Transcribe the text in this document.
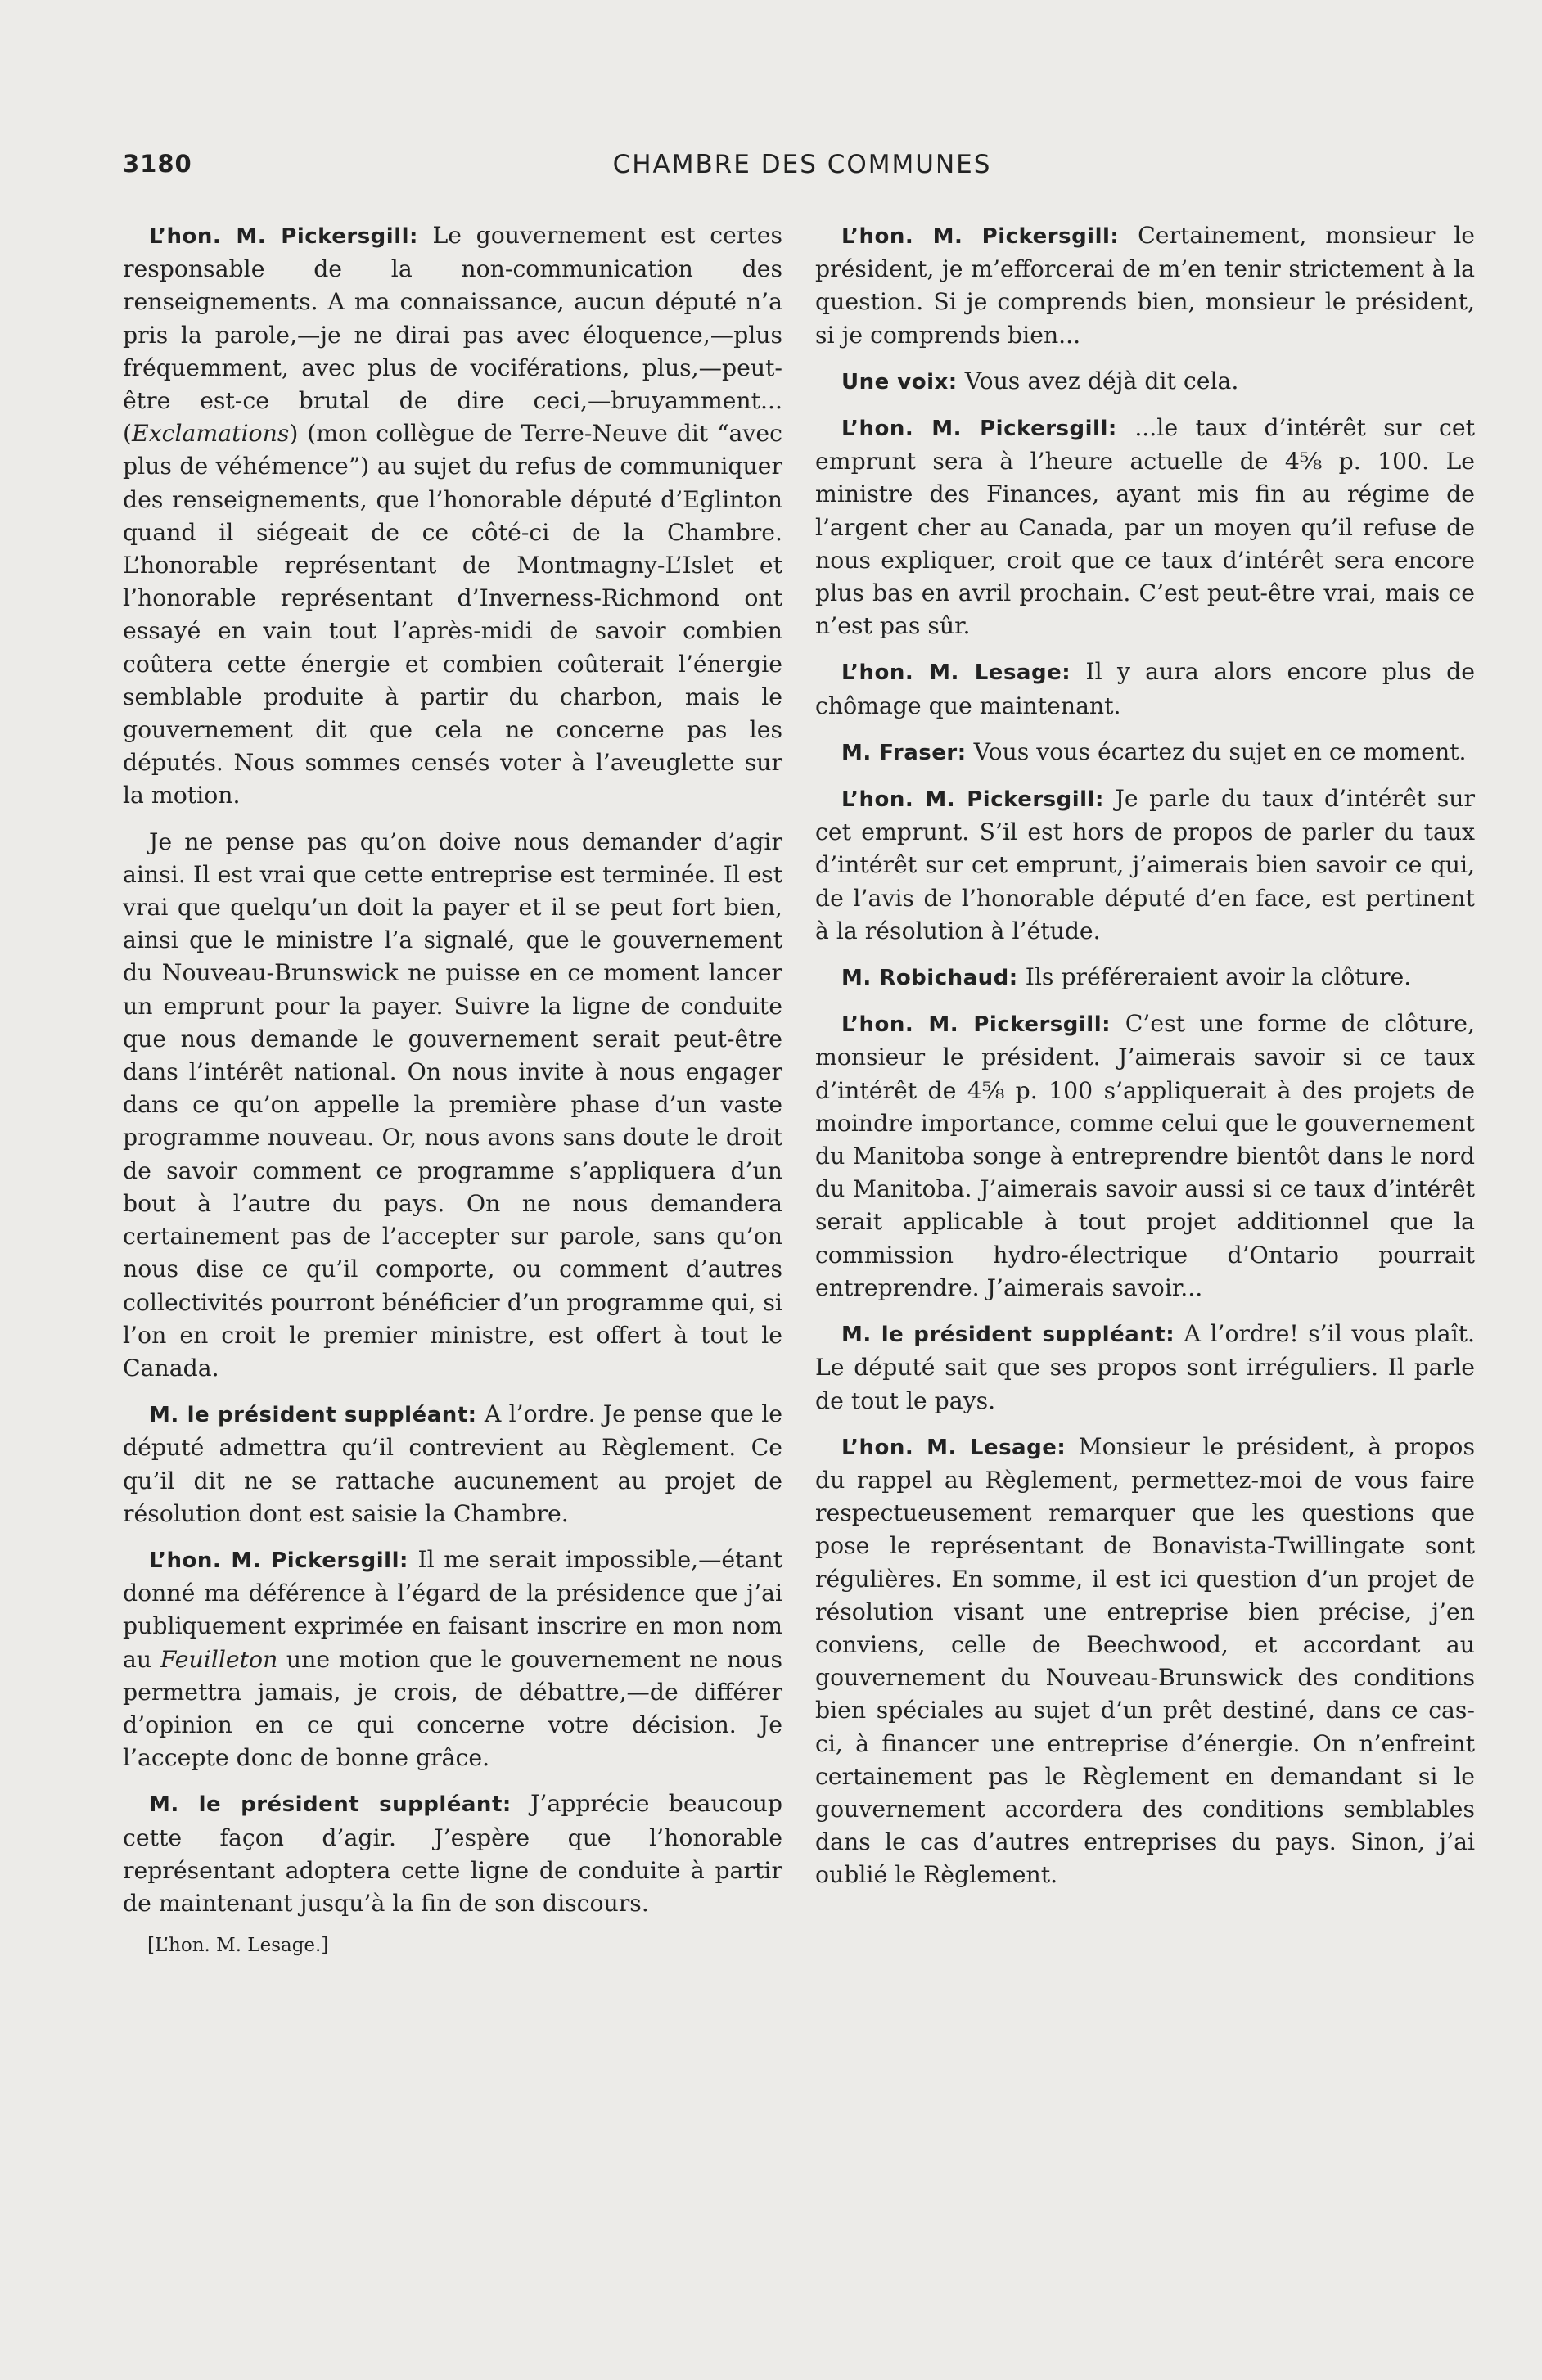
3180	CHAMBRE DES COMMUNES

L’hon. M. Pickersgill: Le gouvernement est certes responsable de la non-communication des renseignements. A ma connaissance, aucun député n’a pris la parole,—je ne dirai pas avec éloquence,—plus fréquemment, avec plus de vociférations, plus,—peut-être est-ce brutal de dire ceci,—bruyamment... (Exclamations) (mon collègue de Terre-Neuve dit “avec plus de véhémence”) au sujet du refus de communiquer des renseignements, que l’honorable député d’Eglinton quand il siégeait de ce côté-ci de la Chambre. L’honorable représentant de Montmagny-L’Islet et l’honorable représentant d’Inverness-Richmond ont essayé en vain tout l’après-midi de savoir combien coûtera cette énergie et combien coûterait l’énergie semblable produite à partir du charbon, mais le gouvernement dit que cela ne concerne pas les députés. Nous sommes censés voter à l’aveuglette sur la motion.

Je ne pense pas qu’on doive nous demander d’agir ainsi. Il est vrai que cette entreprise est terminée. Il est vrai que quelqu’un doit la payer et il se peut fort bien, ainsi que le ministre l’a signalé, que le gouvernement du Nouveau-Brunswick ne puisse en ce moment lancer un emprunt pour la payer. Suivre la ligne de conduite que nous demande le gouvernement serait peut-être dans l’intérêt national. On nous invite à nous engager dans ce qu’on appelle la première phase d’un vaste programme nouveau. Or, nous avons sans doute le droit de savoir comment ce programme s’appliquera d’un bout à l’autre du pays. On ne nous demandera certainement pas de l’accepter sur parole, sans qu’on nous dise ce qu’il comporte, ou comment d’autres collectivités pourront bénéficier d’un programme qui, si l’on en croit le premier ministre, est offert à tout le Canada.

M. le président suppléant: A l’ordre. Je pense que le député admettra qu’il contrevient au Règlement. Ce qu’il dit ne se rattache aucunement au projet de résolution dont est saisie la Chambre.

L’hon. M. Pickersgill: Il me serait impossible,—étant donné ma déférence à l’égard de la présidence que j’ai publiquement exprimée en faisant inscrire en mon nom au Feuilleton une motion que le gouvernement ne nous permettra jamais, je crois, de débattre,—de différer d’opinion en ce qui concerne votre décision. Je l’accepte donc de bonne grâce.

M. le président suppléant: J’apprécie beaucoup cette façon d’agir. J’espère que l’honorable représentant adoptera cette ligne de conduite à partir de maintenant jusqu’à la fin de son discours.

[L’hon. M. Lesage.]

L’hon. M. Pickersgill: Certainement, monsieur le président, je m’efforcerai de m’en tenir strictement à la question. Si je comprends bien, monsieur le président, si je comprends bien...

Une voix: Vous avez déjà dit cela.

L’hon. M. Pickersgill: ...le taux d’intérêt sur cet emprunt sera à l’heure actuelle de 4⅝ p. 100. Le ministre des Finances, ayant mis fin au régime de l’argent cher au Canada, par un moyen qu’il refuse de nous expliquer, croit que ce taux d’intérêt sera encore plus bas en avril prochain. C’est peut-être vrai, mais ce n’est pas sûr.

L’hon. M. Lesage: Il y aura alors encore plus de chômage que maintenant.

M. Fraser: Vous vous écartez du sujet en ce moment.

L’hon. M. Pickersgill: Je parle du taux d’intérêt sur cet emprunt. S’il est hors de propos de parler du taux d’intérêt sur cet emprunt, j’aimerais bien savoir ce qui, de l’avis de l’honorable député d’en face, est pertinent à la résolution à l’étude.

M. Robichaud: Ils préféreraient avoir la clôture.

L’hon. M. Pickersgill: C’est une forme de clôture, monsieur le président. J’aimerais savoir si ce taux d’intérêt de 4⅝ p. 100 s’appliquerait à des projets de moindre importance, comme celui que le gouvernement du Manitoba songe à entreprendre bientôt dans le nord du Manitoba. J’aimerais savoir aussi si ce taux d’intérêt serait applicable à tout projet additionnel que la commission hydro-électrique d’Ontario pourrait entreprendre. J’aimerais savoir...

M. le président suppléant: A l’ordre! s’il vous plaît. Le député sait que ses propos sont irréguliers. Il parle de tout le pays.

L’hon. M. Lesage: Monsieur le président, à propos du rappel au Règlement, permettez-moi de vous faire respectueusement remarquer que les questions que pose le représentant de Bonavista-Twillingate sont régulières. En somme, il est ici question d’un projet de résolution visant une entreprise bien précise, j’en conviens, celle de Beechwood, et accordant au gouvernement du Nouveau-Brunswick des conditions bien spéciales au sujet d’un prêt destiné, dans ce cas-ci, à financer une entreprise d’énergie. On n’enfreint certainement pas le Règlement en demandant si le gouvernement accordera des conditions semblables dans le cas d’autres entreprises du pays. Sinon, j’ai oublié le Règlement.
